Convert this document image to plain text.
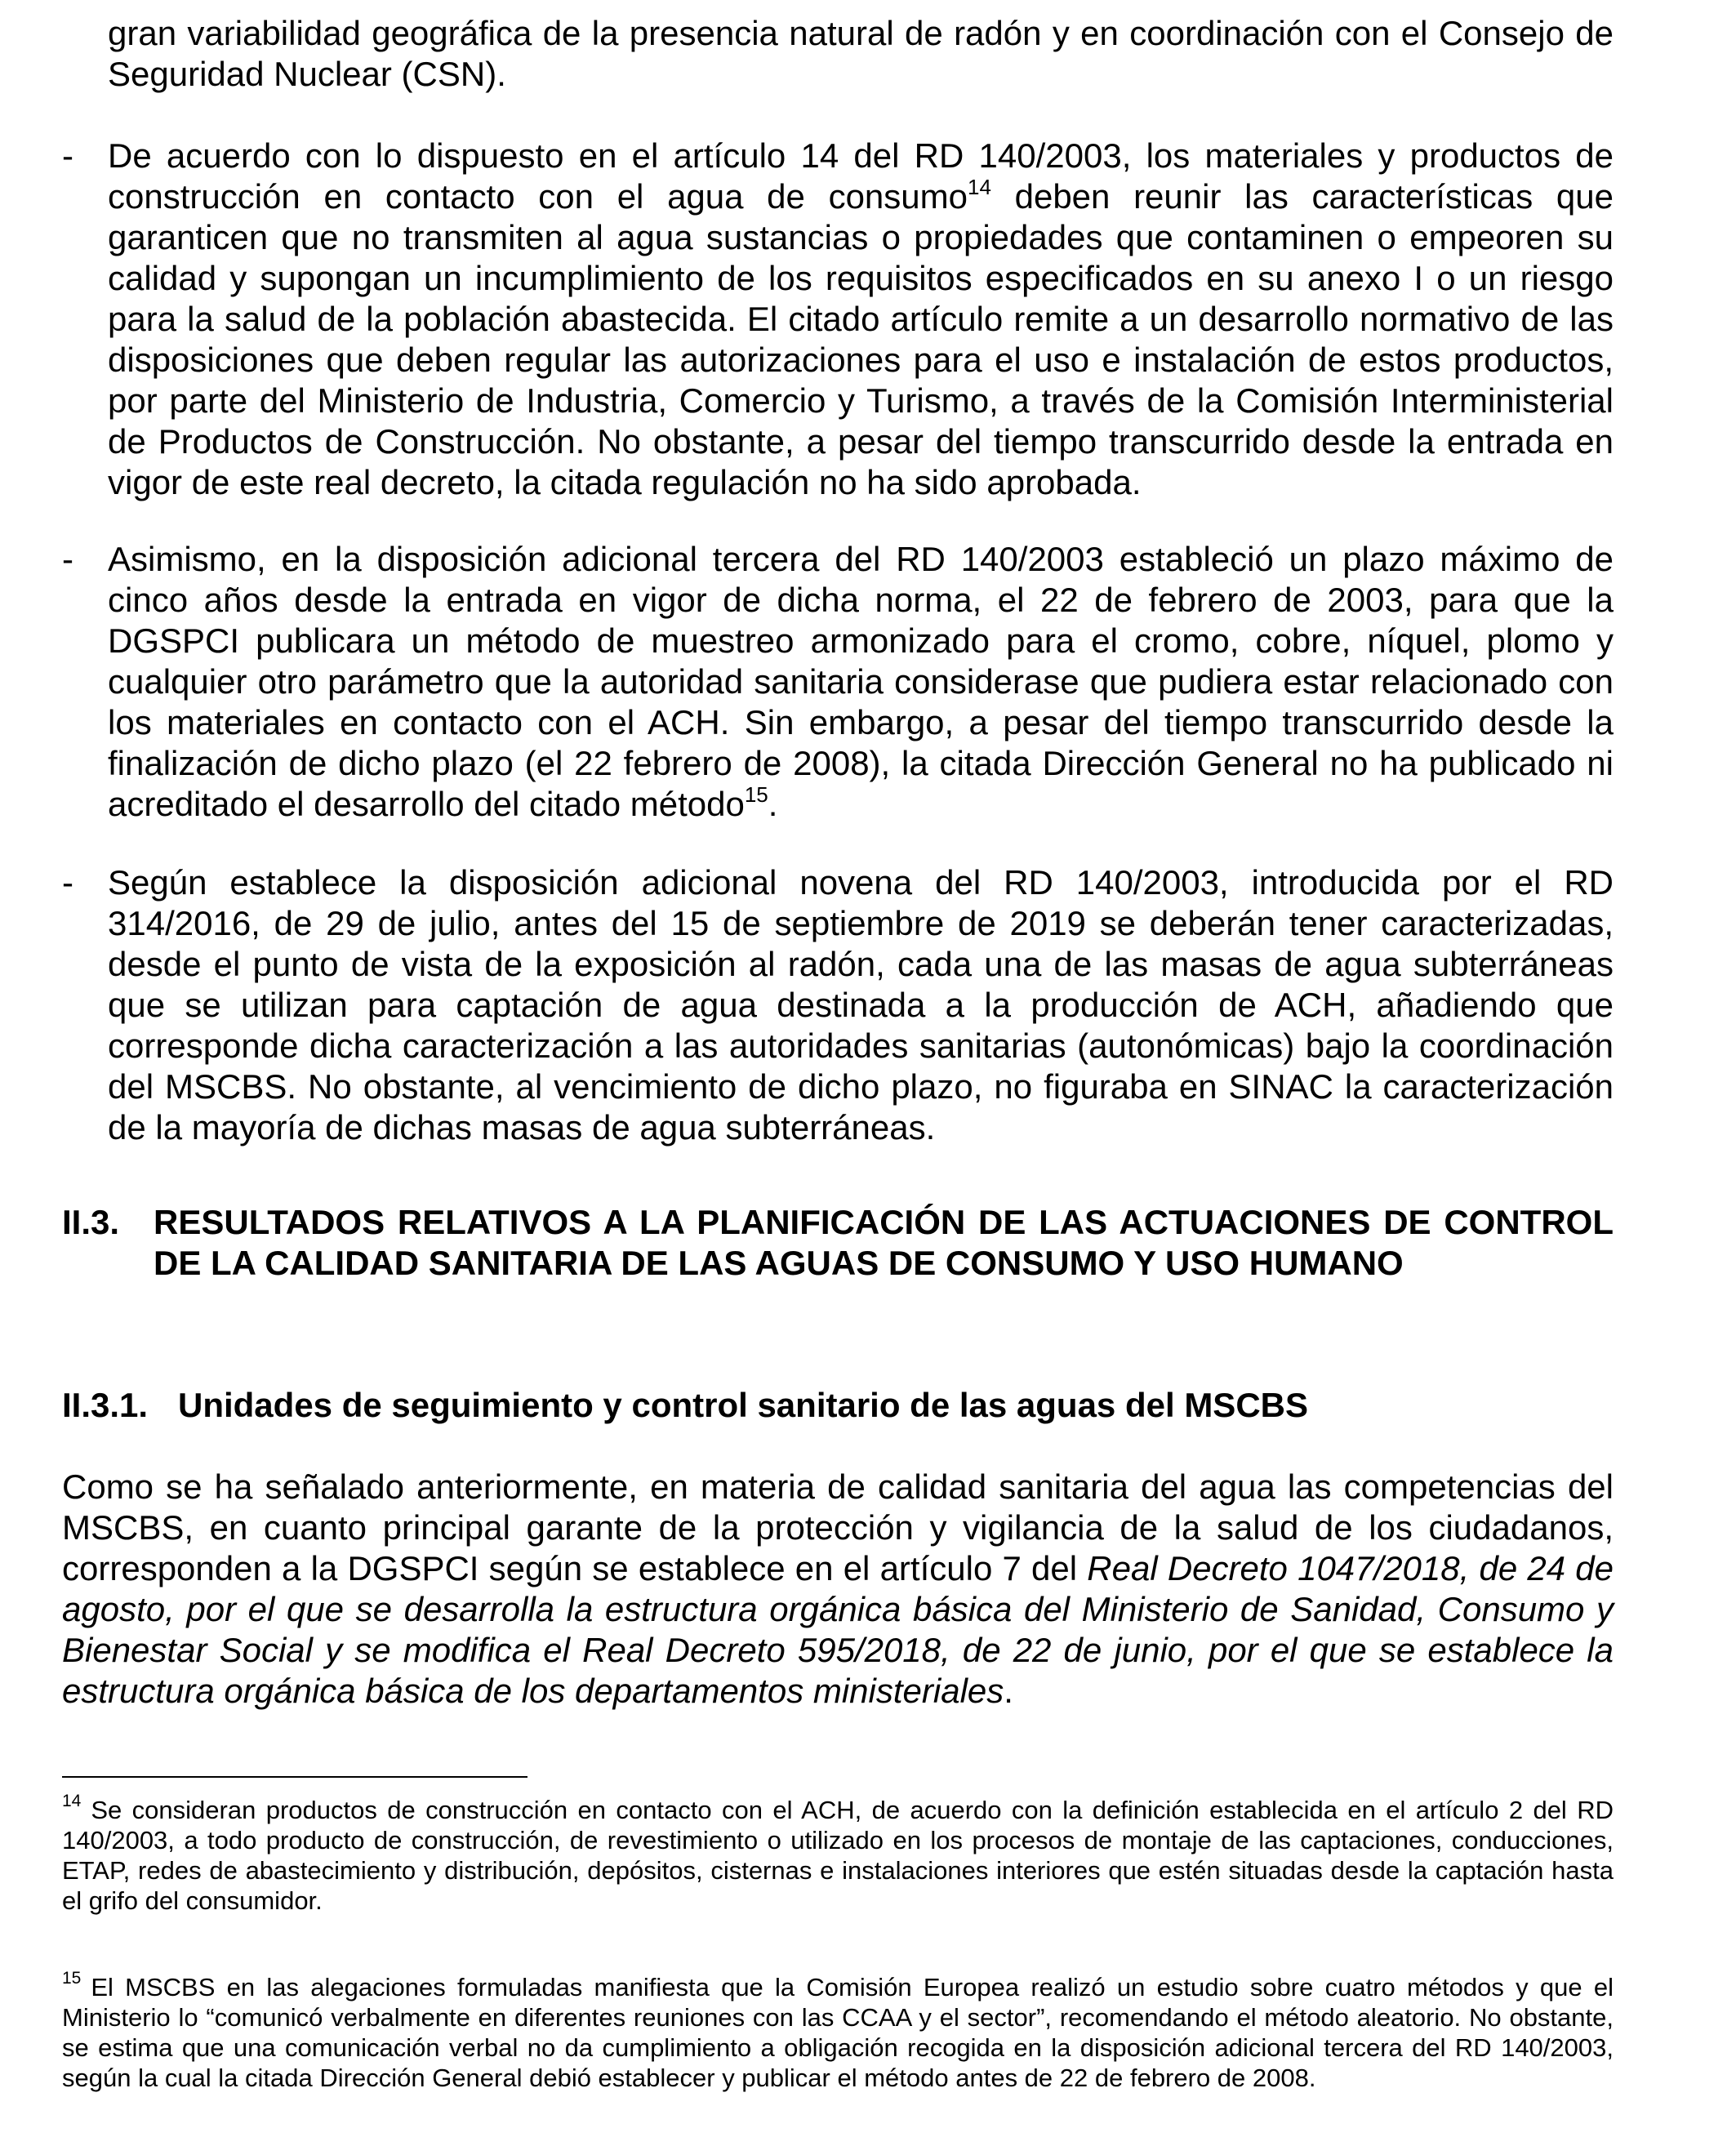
gran variabilidad geográfica de la presencia natural de radón y en coordinación con el Consejo de Seguridad Nuclear (CSN).

- De acuerdo con lo dispuesto en el artículo 14 del RD 140/2003, los materiales y productos de construcción en contacto con el agua de consumo$^{14}$ deben reunir las características que garanticen que no transmiten al agua sustancias o propiedades que contaminen o empeoren su calidad y supongan un incumplimiento de los requisitos especificados en su anexo I o un riesgo para la salud de la población abastecida. El citado artículo remite a un desarrollo normativo de las disposiciones que deben regular las autorizaciones para el uso e instalación de estos productos, por parte del Ministerio de Industria, Comercio y Turismo, a través de la Comisión Interministerial de Productos de Construcción. No obstante, a pesar del tiempo transcurrido desde la entrada en vigor de este real decreto, la citada regulación no ha sido aprobada.

- Asimismo, en la disposición adicional tercera del RD 140/2003 estableció un plazo máximo de cinco años desde la entrada en vigor de dicha norma, el 22 de febrero de 2003, para que la DGSPCI publicara un método de muestreo armonizado para el cromo, cobre, níquel, plomo y cualquier otro parámetro que la autoridad sanitaria considerase que pudiera estar relacionado con los materiales en contacto con el ACH. Sin embargo, a pesar del tiempo transcurrido desde la finalización de dicho plazo (el 22 febrero de 2008), la citada Dirección General no ha publicado ni acreditado el desarrollo del citado método$^{15}$.

- Según establece la disposición adicional novena del RD 140/2003, introducida por el RD 314/2016, de 29 de julio, antes del 15 de septiembre de 2019 se deberán tener caracterizadas, desde el punto de vista de la exposición al radón, cada una de las masas de agua subterráneas que se utilizan para captación de agua destinada a la producción de ACH, añadiendo que corresponde dicha caracterización a las autoridades sanitarias (autonómicas) bajo la coordinación del MSCBS. No obstante, al vencimiento de dicho plazo, no figuraba en SINAC la caracterización de la mayoría de dichas masas de agua subterráneas.

II.3. RESULTADOS RELATIVOS A LA PLANIFICACIÓN DE LAS ACTUACIONES DE CONTROL DE LA CALIDAD SANITARIA DE LAS AGUAS DE CONSUMO Y USO HUMANO
II.3.1. Unidades de seguimiento y control sanitario de las aguas del MSCBS

Como se ha señalado anteriormente, en materia de calidad sanitaria del agua las competencias del MSCBS, en cuanto principal garante de la protección y vigilancia de la salud de los ciudadanos, corresponden a la DGSPCI según se establece en el artículo 7 del Real Decreto 1047/2018, de 24 de agosto, por el que se desarrolla la estructura orgánica básica del Ministerio de Sanidad, Consumo y Bienestar Social y se modifica el Real Decreto 595/2018, de 22 de junio, por el que se establece la estructura orgánica básica de los departamentos ministeriales.

$^{14}$ Se consideran productos de construcción en contacto con el ACH, de acuerdo con la definición establecida en el artículo 2 del RD 140/2003, a todo producto de construcción, de revestimiento o utilizado en los procesos de montaje de las captaciones, conducciones, ETAP, redes de abastecimiento y distribución, depósitos, cisternas e instalaciones interiores que estén situadas desde la captación hasta el grifo del consumidor.

$^{15}$ El MSCBS en las alegaciones formuladas manifiesta que la Comisión Europea realizó un estudio sobre cuatro métodos y que el Ministerio lo “comunicó verbalmente en diferentes reuniones con las CCAA y el sector”, recomendando el método aleatorio. No obstante, se estima que una comunicación verbal no da cumplimiento a obligación recogida en la disposición adicional tercera del RD 140/2003, según la cual la citada Dirección General debió establecer y publicar el método antes de 22 de febrero de 2008.
